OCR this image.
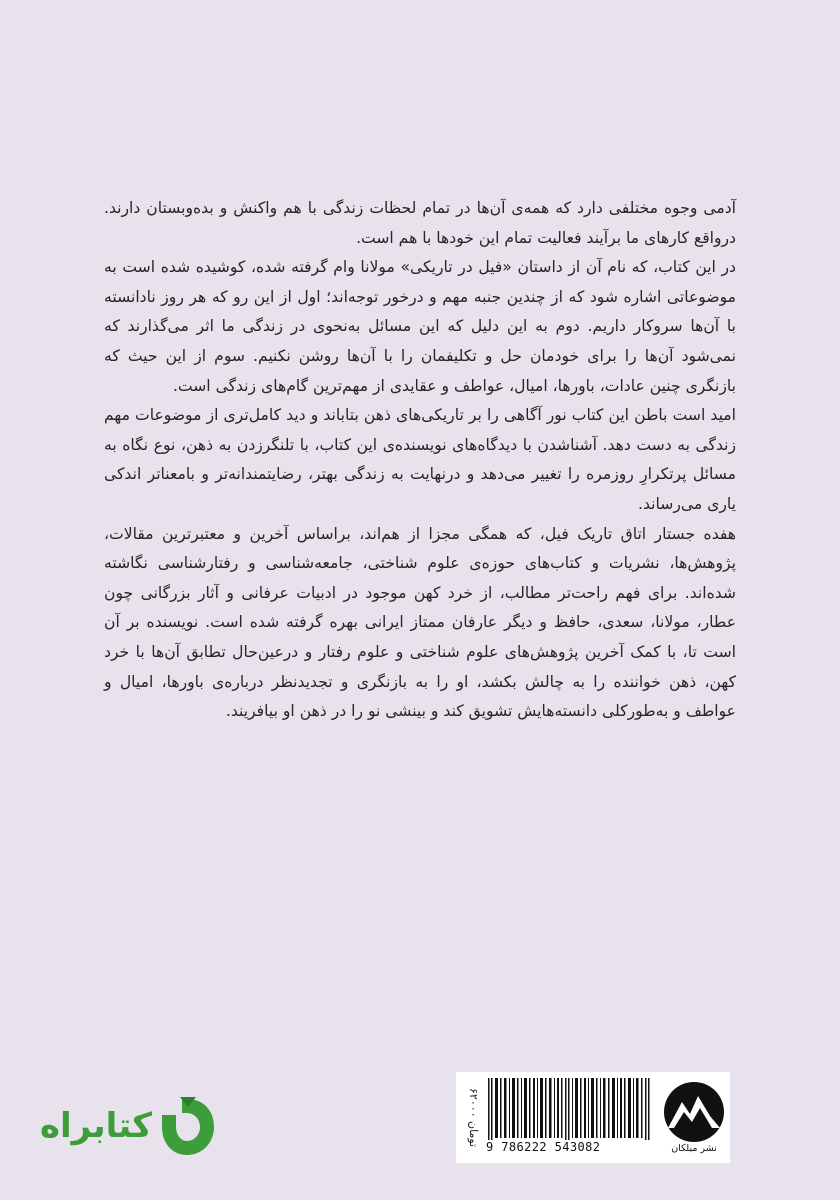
آدمی وجوه مختلفی دارد که همه‌ی آن‌ها در تمام لحظات زندگی با هم واکنش و بده‌وبستان دارند. درواقع کارهای ما برآیند فعالیت تمام این خودها با هم است.

در این کتاب، که نام آن از داستان «فیل در تاریکی» مولانا وام گرفته شده، کوشیده شده است به موضوعاتی اشاره شود که از چندین جنبه مهم و درخور توجه‌اند؛ اول از این رو که هر روز نادانسته با آن‌ها سروکار داریم. دوم به این دلیل که این مسائل به‌نحوی در زندگی ما اثر می‌گذارند که نمی‌شود آن‌ها را برای خودمان حل و تکلیفمان را با آن‌ها روشن نکنیم. سوم از این حیث که بازنگری چنین عادات، باورها، امیال، عواطف و عقایدی از مهم‌ترین گام‌های زندگی است.

امید است باطن این کتاب نور آگاهی را بر تاریکی‌های ذهن بتاباند و دید کامل‌تری از موضوعات مهم زندگی به دست دهد. آشناشدن با دیدگاه‌های نویسنده‌ی این کتاب، با تلنگرزدن به ذهن، نوع نگاه به مسائل پرتکرارِ روزمره را تغییر می‌دهد و درنهایت به زندگی بهتر، رضایتمندانه‌تر و بامعناتر اندکی یاری می‌رساند.

هفده جستار اتاق تاریک فیل، که همگی مجزا از هم‌اند، براساس آخرین و معتبرترین مقالات، پژوهش‌ها، نشریات و کتاب‌های حوزه‌ی علوم شناختی، جامعه‌شناسی و رفتارشناسی نگاشته شده‌اند. برای فهم راحت‌تر مطالب، از خرد کهن موجود در ادبیات عرفانی و آثار بزرگانی چون عطار، مولانا، سعدی، حافظ و دیگر عارفان ممتاز ایرانی بهره گرفته شده است. نویسنده بر آن است تا، با کمک آخرین پژوهش‌های علوم شناختی و علوم رفتار و درعین‌حال تطابق آن‌ها با خرد کهن، ذهن خواننده را به چالش بکشد، او را به بازنگری و تجدیدنظر درباره‌ی باورها، امیال و عواطف و به‌طورکلی دانسته‌هایش تشویق کند و بینشی نو را در ذهن او بیافریند.

۶۲۰۰۰ تومان 9 786222 543082	نشر میلکان
کتابراه
